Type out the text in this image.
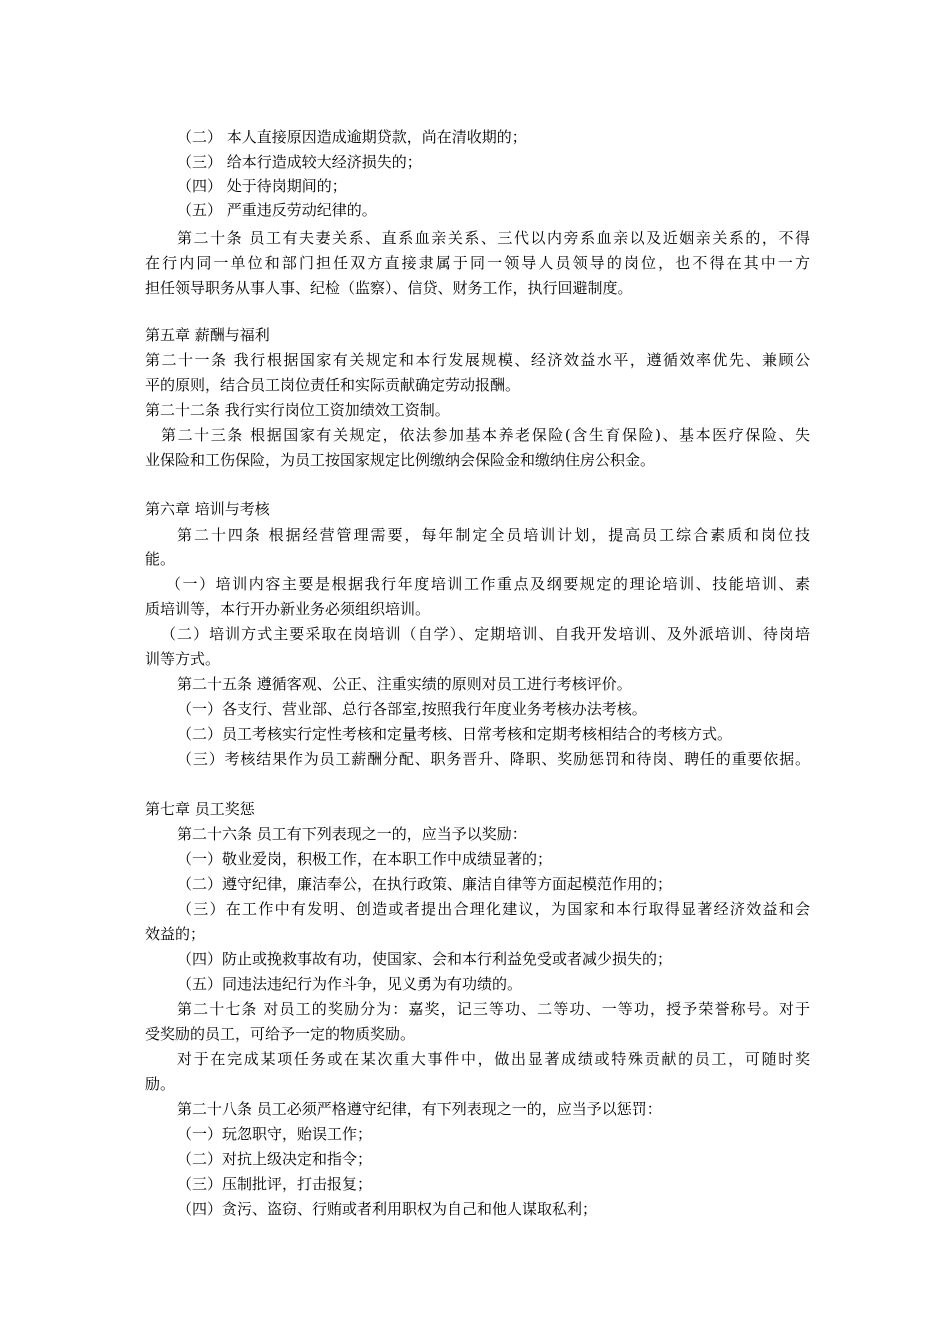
（二） 本人直接原因造成逾期贷款，尚在清收期的；
（三） 给本行造成较大经济损失的；
（四） 处于待岗期间的；
（五） 严重违反劳动纪律的。
第二十条 员工有夫妻关系、直系血亲关系、三代以内旁系血亲以及近姻亲关系的，不得
在行内同一单位和部门担任双方直接隶属于同一领导人员领导的岗位，也不得在其中一方
担任领导职务从事人事、纪检（监察）、信贷、财务工作，执行回避制度。
第五章 薪酬与福利
第二十一条 我行根据国家有关规定和本行发展规模、经济效益水平，遵循效率优先、兼顾公
平的原则，结合员工岗位责任和实际贡献确定劳动报酬。
第二十二条 我行实行岗位工资加绩效工资制。
第二十三条 根据国家有关规定，依法参加基本养老保险(含生育保险)、基本医疗保险、失
业保险和工伤保险，为员工按国家规定比例缴纳会保险金和缴纳住房公积金。
第六章 培训与考核
第二十四条 根据经营管理需要，每年制定全员培训计划，提高员工综合素质和岗位技
能。
（一）培训内容主要是根据我行年度培训工作重点及纲要规定的理论培训、技能培训、素
质培训等，本行开办新业务必须组织培训。
（二）培训方式主要采取在岗培训（自学）、定期培训、自我开发培训、及外派培训、待岗培
训等方式。
第二十五条 遵循客观、公正、注重实绩的原则对员工进行考核评价。
（一）各支行、营业部、总行各部室,按照我行年度业务考核办法考核。
（二）员工考核实行定性考核和定量考核、日常考核和定期考核相结合的考核方式。
（三）考核结果作为员工薪酬分配、职务晋升、降职、奖励惩罚和待岗、聘任的重要依据。
第七章 员工奖惩
第二十六条 员工有下列表现之一的，应当予以奖励：
（一）敬业爱岗，积极工作，在本职工作中成绩显著的；
（二）遵守纪律，廉洁奉公，在执行政策、廉洁自律等方面起模范作用的；
（三）在工作中有发明、创造或者提出合理化建议，为国家和本行取得显著经济效益和会
效益的；
（四）防止或挽救事故有功，使国家、会和本行利益免受或者减少损失的；
（五）同违法违纪行为作斗争，见义勇为有功绩的。
第二十七条 对员工的奖励分为：嘉奖，记三等功、二等功、一等功，授予荣誉称号。对于
受奖励的员工，可给予一定的物质奖励。
对于在完成某项任务或在某次重大事件中，做出显著成绩或特殊贡献的员工，可随时奖
励。
第二十八条 员工必须严格遵守纪律，有下列表现之一的，应当予以惩罚：
（一）玩忽职守，贻误工作；
（二）对抗上级决定和指令；
（三）压制批评，打击报复；
（四）贪污、盗窃、行贿或者利用职权为自己和他人谋取私利；
